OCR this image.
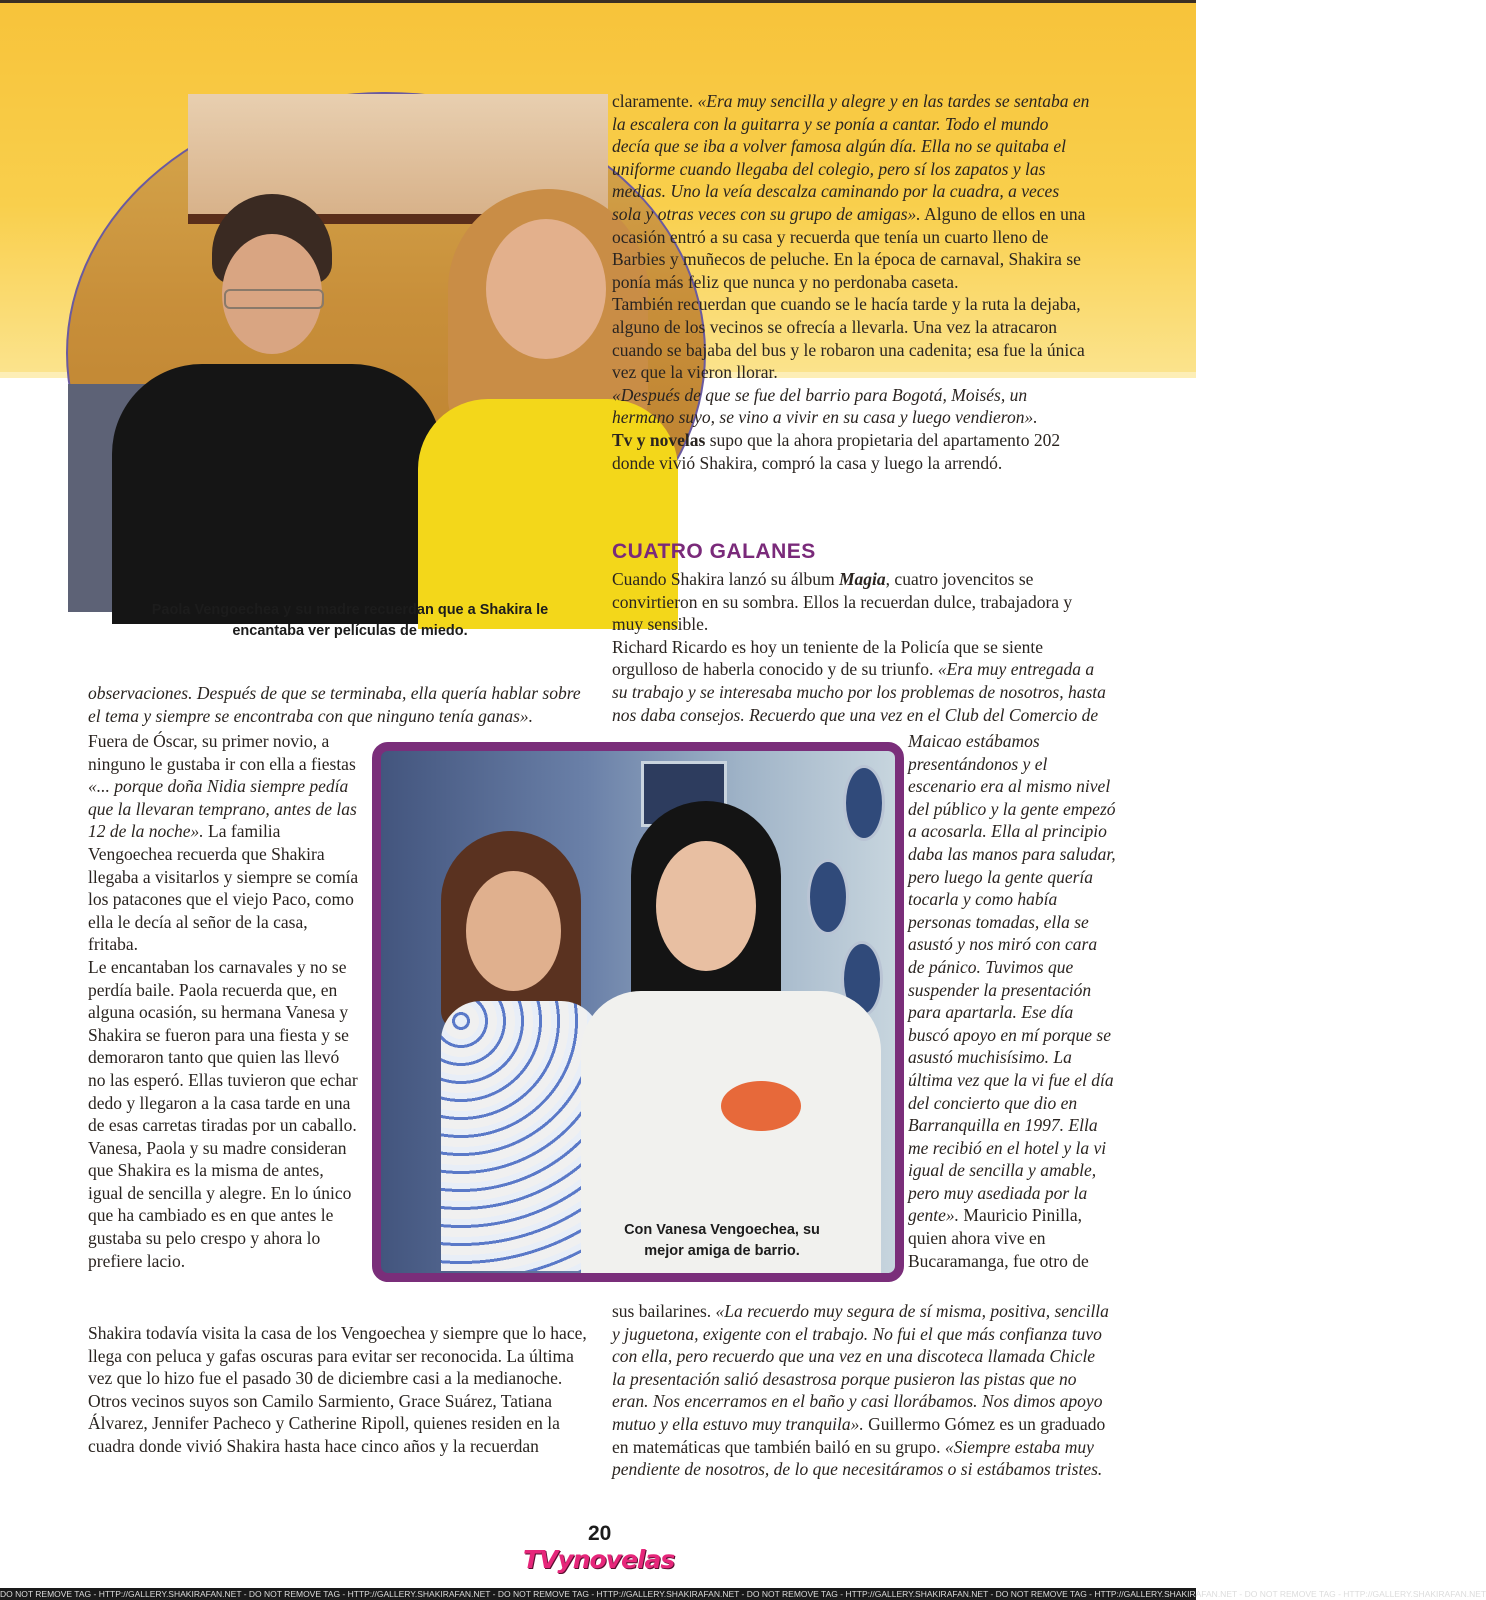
Paola Vengoechea y su madre recuerdan que a Shakira le encantaba ver películas de miedo.

claramente. «Era muy sencilla y alegre y en las tardes se sentaba en la escalera con la guitarra y se ponía a cantar. Todo el mundo decía que se iba a volver famosa algún día. Ella no se quitaba el uniforme cuando llegaba del colegio, pero sí los zapatos y las medias. Uno la veía descalza caminando por la cuadra, a veces sola y otras veces con su grupo de amigas». Alguno de ellos en una ocasión entró a su casa y recuerda que tenía un cuarto lleno de Barbies y muñecos de peluche. En la época de carnaval, Shakira se ponía más feliz que nunca y no perdonaba caseta.

También recuerdan que cuando se le hacía tarde y la ruta la dejaba, alguno de los vecinos se ofrecía a llevarla. Una vez la atracaron cuando se bajaba del bus y le robaron una cadenita; esa fue la única vez que la vieron llorar.

«Después de que se fue del barrio para Bogotá, Moisés, un hermano suyo, se vino a vivir en su casa y luego vendieron».

Tv y novelas supo que la ahora propietaria del apartamento 202 donde vivió Shakira, compró la casa y luego la arrendó.

CUATRO GALANES

Cuando Shakira lanzó su álbum Magia, cuatro jovencitos se convirtieron en su sombra. Ellos la recuerdan dulce, trabajadora y muy sensible.

Richard Ricardo es hoy un teniente de la Policía que se siente orgulloso de haberla conocido y de su triunfo. «Era muy entregada a su trabajo y se interesaba mucho por los problemas de nosotros, hasta nos daba consejos. Recuerdo que una vez en el Club del Comercio de

observaciones. Después de que se terminaba, ella quería hablar sobre el tema y siempre se encontraba con que ninguno tenía ganas».

Fuera de Óscar, su primer novio, a ninguno le gustaba ir con ella a fiestas «... porque doña Nidia siempre pedía que la llevaran temprano, antes de las 12 de la noche». La familia Vengoechea recuerda que Shakira llegaba a visitarlos y siempre se comía los patacones que el viejo Paco, como ella le decía al señor de la casa, fritaba.

Le encantaban los carnavales y no se perdía baile. Paola recuerda que, en alguna ocasión, su hermana Vanesa y Shakira se fueron para una fiesta y se demoraron tanto que quien las llevó no las esperó. Ellas tuvieron que echar dedo y llegaron a la casa tarde en una de esas carretas tiradas por un caballo.

Vanesa, Paola y su madre consideran que Shakira es la misma de antes, igual de sencilla y alegre. En lo único que ha cambiado es en que antes le gustaba su pelo crespo y ahora lo prefiere lacio.

Shakira todavía visita la casa de los Vengoechea y siempre que lo hace, llega con peluca y gafas oscuras para evitar ser reconocida. La última vez que lo hizo fue el pasado 30 de diciembre casi a la medianoche.

Otros vecinos suyos son Camilo Sarmiento, Grace Suárez, Tatiana Álvarez, Jennifer Pacheco y Catherine Ripoll, quienes residen en la cuadra donde vivió Shakira hasta hace cinco años y la recuerdan

Con Vanesa Vengoechea, su mejor amiga de barrio.

Maicao estábamos presentándonos y el escenario era al mismo nivel del público y la gente empezó a acosarla. Ella al principio daba las manos para saludar, pero luego la gente quería tocarla y como había personas tomadas, ella se asustó y nos miró con cara de pánico. Tuvimos que suspender la presentación para apartarla. Ese día buscó apoyo en mí porque se asustó muchisísimo. La última vez que la vi fue el día del concierto que dio en Barranquilla en 1997. Ella me recibió en el hotel y la vi igual de sencilla y amable, pero muy asediada por la gente». Mauricio Pinilla, quien ahora vive en Bucaramanga, fue otro de

sus bailarines. «La recuerdo muy segura de sí misma, positiva, sencilla y juguetona, exigente con el trabajo. No fui el que más confianza tuvo con ella, pero recuerdo que una vez en una discoteca llamada Chicle la presentación salió desastrosa porque pusieron las pistas que no eran. Nos encerramos en el baño y casi llorábamos. Nos dimos apoyo mutuo y ella estuvo muy tranquila». Guillermo Gómez es un graduado en matemáticas que también bailó en su grupo. «Siempre estaba muy pendiente de nosotros, de lo que necesitáramos o si estábamos tristes.

20
TVynovelas
DO NOT REMOVE TAG - HTTP://GALLERY.SHAKIRAFAN.NET - DO NOT REMOVE TAG - HTTP://GALLERY.SHAKIRAFAN.NET - DO NOT REMOVE TAG - HTTP://GALLERY.SHAKIRAFAN.NET - DO NOT REMOVE TAG - HTTP://GALLERY.SHAKIRAFAN.NET - DO NOT REMOVE TAG - HTTP://GALLERY.SHAKIRAFAN.NET - DO NOT REMOVE TAG - HTTP://GALLERY.SHAKIRAFAN.NET
